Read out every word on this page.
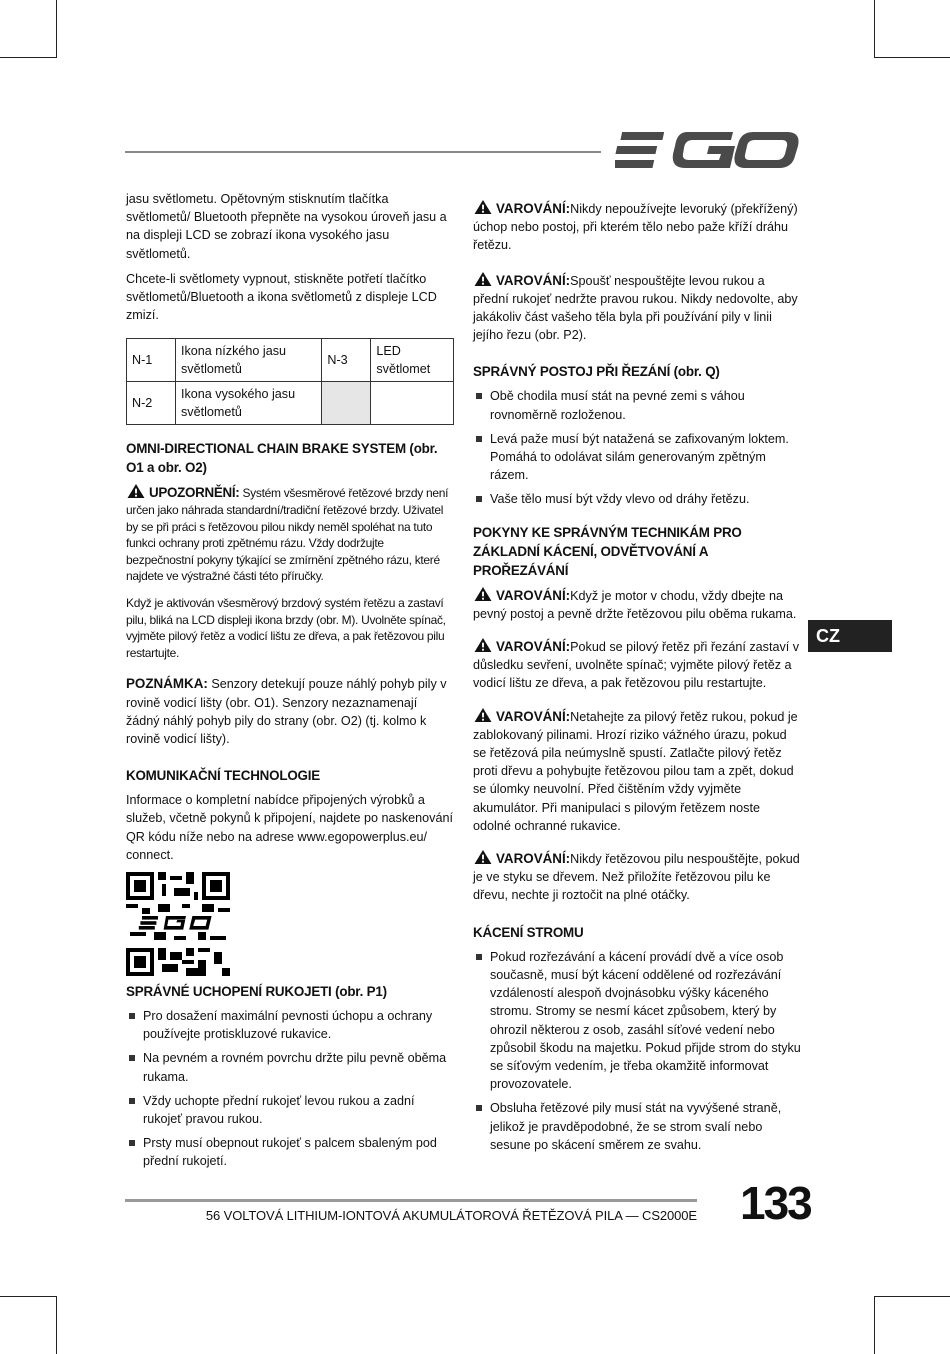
jasu světlometu. Opětovným stisknutím tlačítka světlometů/ Bluetooth přepněte na vysokou úroveň jasu a na displeji LCD se zobrazí ikona vysokého jasu světlometů.

Chcete-li světlomety vypnout, stiskněte potřetí tlačítko světlometů/Bluetooth a ikona světlometů z displeje LCD zmizí.

N-1	Ikona nízkého jasu světlometů	N-3	LED světlomet
N-2	Ikona vysokého jasu světlometů		
OMNI-DIRECTIONAL CHAIN BRAKE SYSTEM (obr. O1 a obr. O2)

UPOZORNĚNÍ: Systém všesměrové řetězové brzdy není určen jako náhrada standardní/tradiční řetězové brzdy. Uživatel by se při práci s řetězovou pilou nikdy neměl spoléhat na tuto funkci ochrany proti zpětnému rázu. Vždy dodržujte bezpečnostní pokyny týkající se zmírnění zpětného rázu, které najdete ve výstražné části této příručky.

Když je aktivován všesměrový brzdový systém řetězu a zastaví pilu, bliká na LCD displeji ikona brzdy (obr. M). Uvolněte spínač, vyjměte pilový řetěz a vodicí lištu ze dřeva, a pak řetězovou pilu restartujte.

POZNÁMKA: Senzory detekují pouze náhlý pohyb pily v rovině vodicí lišty (obr. O1). Senzory nezaznamenají žádný náhlý pohyb pily do strany (obr. O2) (tj. kolmo k rovině vodicí lišty).

KOMUNIKAČNÍ TECHNOLOGIE

Informace o kompletní nabídce připojených výrobků a služeb, včetně pokynů k připojení, najdete po naskenování QR kódu níže nebo na adrese www.egopowerplus.eu/ connect.

SPRÁVNÉ UCHOPENÍ RUKOJETI (obr. P1)
Pro dosažení maximální pevnosti úchopu a ochrany používejte protiskluzové rukavice.
Na pevném a rovném povrchu držte pilu pevně oběma rukama.
Vždy uchopte přední rukojeť levou rukou a zadní rukojeť pravou rukou.
Prsty musí obepnout rukojeť s palcem sbaleným pod přední rukojetí.

VAROVÁNÍ:Nikdy nepoužívejte levoruký (překřížený) úchop nebo postoj, při kterém tělo nebo paže kříží dráhu řetězu.

VAROVÁNÍ:Spoušť nespouštějte levou rukou a přední rukojeť nedržte pravou rukou. Nikdy nedovolte, aby jakákoliv část vašeho těla byla při používání pily v linii jejího řezu (obr. P2).

SPRÁVNÝ POSTOJ PŘI ŘEZÁNÍ (obr. Q)
Obě chodila musí stát na pevné zemi s váhou rovnoměrně rozloženou.
Levá paže musí být natažená se zafixovaným loktem. Pomáhá to odolávat silám generovaným zpětným rázem.
Vaše tělo musí být vždy vlevo od dráhy řetězu.
POKYNY KE SPRÁVNÝM TECHNIKÁM PRO ZÁKLADNÍ KÁCENÍ, ODVĚTVOVÁNÍ A PROŘEZÁVÁNÍ

VAROVÁNÍ:Když je motor v chodu, vždy dbejte na pevný postoj a pevně držte řetězovou pilu oběma rukama.

VAROVÁNÍ:Pokud se pilový řetěz při řezání zastaví v důsledku sevření, uvolněte spínač; vyjměte pilový řetěz a vodicí lištu ze dřeva, a pak řetězovou pilu restartujte.

VAROVÁNÍ:Netahejte za pilový řetěz rukou, pokud je zablokovaný pilinami. Hrozí riziko vážného úrazu, pokud se řetězová pila neúmyslně spustí. Zatlačte pilový řetěz proti dřevu a pohybujte řetězovou pilou tam a zpět, dokud se úlomky neuvolní. Před čištěním vždy vyjměte akumulátor. Při manipulaci s pilovým řetězem noste odolné ochranné rukavice.

VAROVÁNÍ:Nikdy řetězovou pilu nespouštějte, pokud je ve styku se dřevem. Než přiložíte řetězovou pilu ke dřevu, nechte ji roztočit na plné otáčky.

KÁCENÍ STROMU
Pokud rozřezávání a kácení provádí dvě a více osob současně, musí být kácení oddělené od rozřezávání vzdáleností alespoň dvojnásobku výšky káceného stromu. Stromy se nesmí kácet způsobem, který by ohrozil některou z osob, zasáhl síťové vedení nebo způsobil škodu na majetku. Pokud přijde strom do styku se síťovým vedením, je třeba okamžitě informovat provozovatele.
Obsluha řetězové pily musí stát na vyvýšené straně, jelikož je pravděpodobné, že se strom svalí nebo sesune po skácení směrem ze svahu.
CZ
56 VOLTOVÁ LITHIUM-IONTOVÁ AKUMULÁTOROVÁ ŘETĚZOVÁ PILA — CS2000E 133
